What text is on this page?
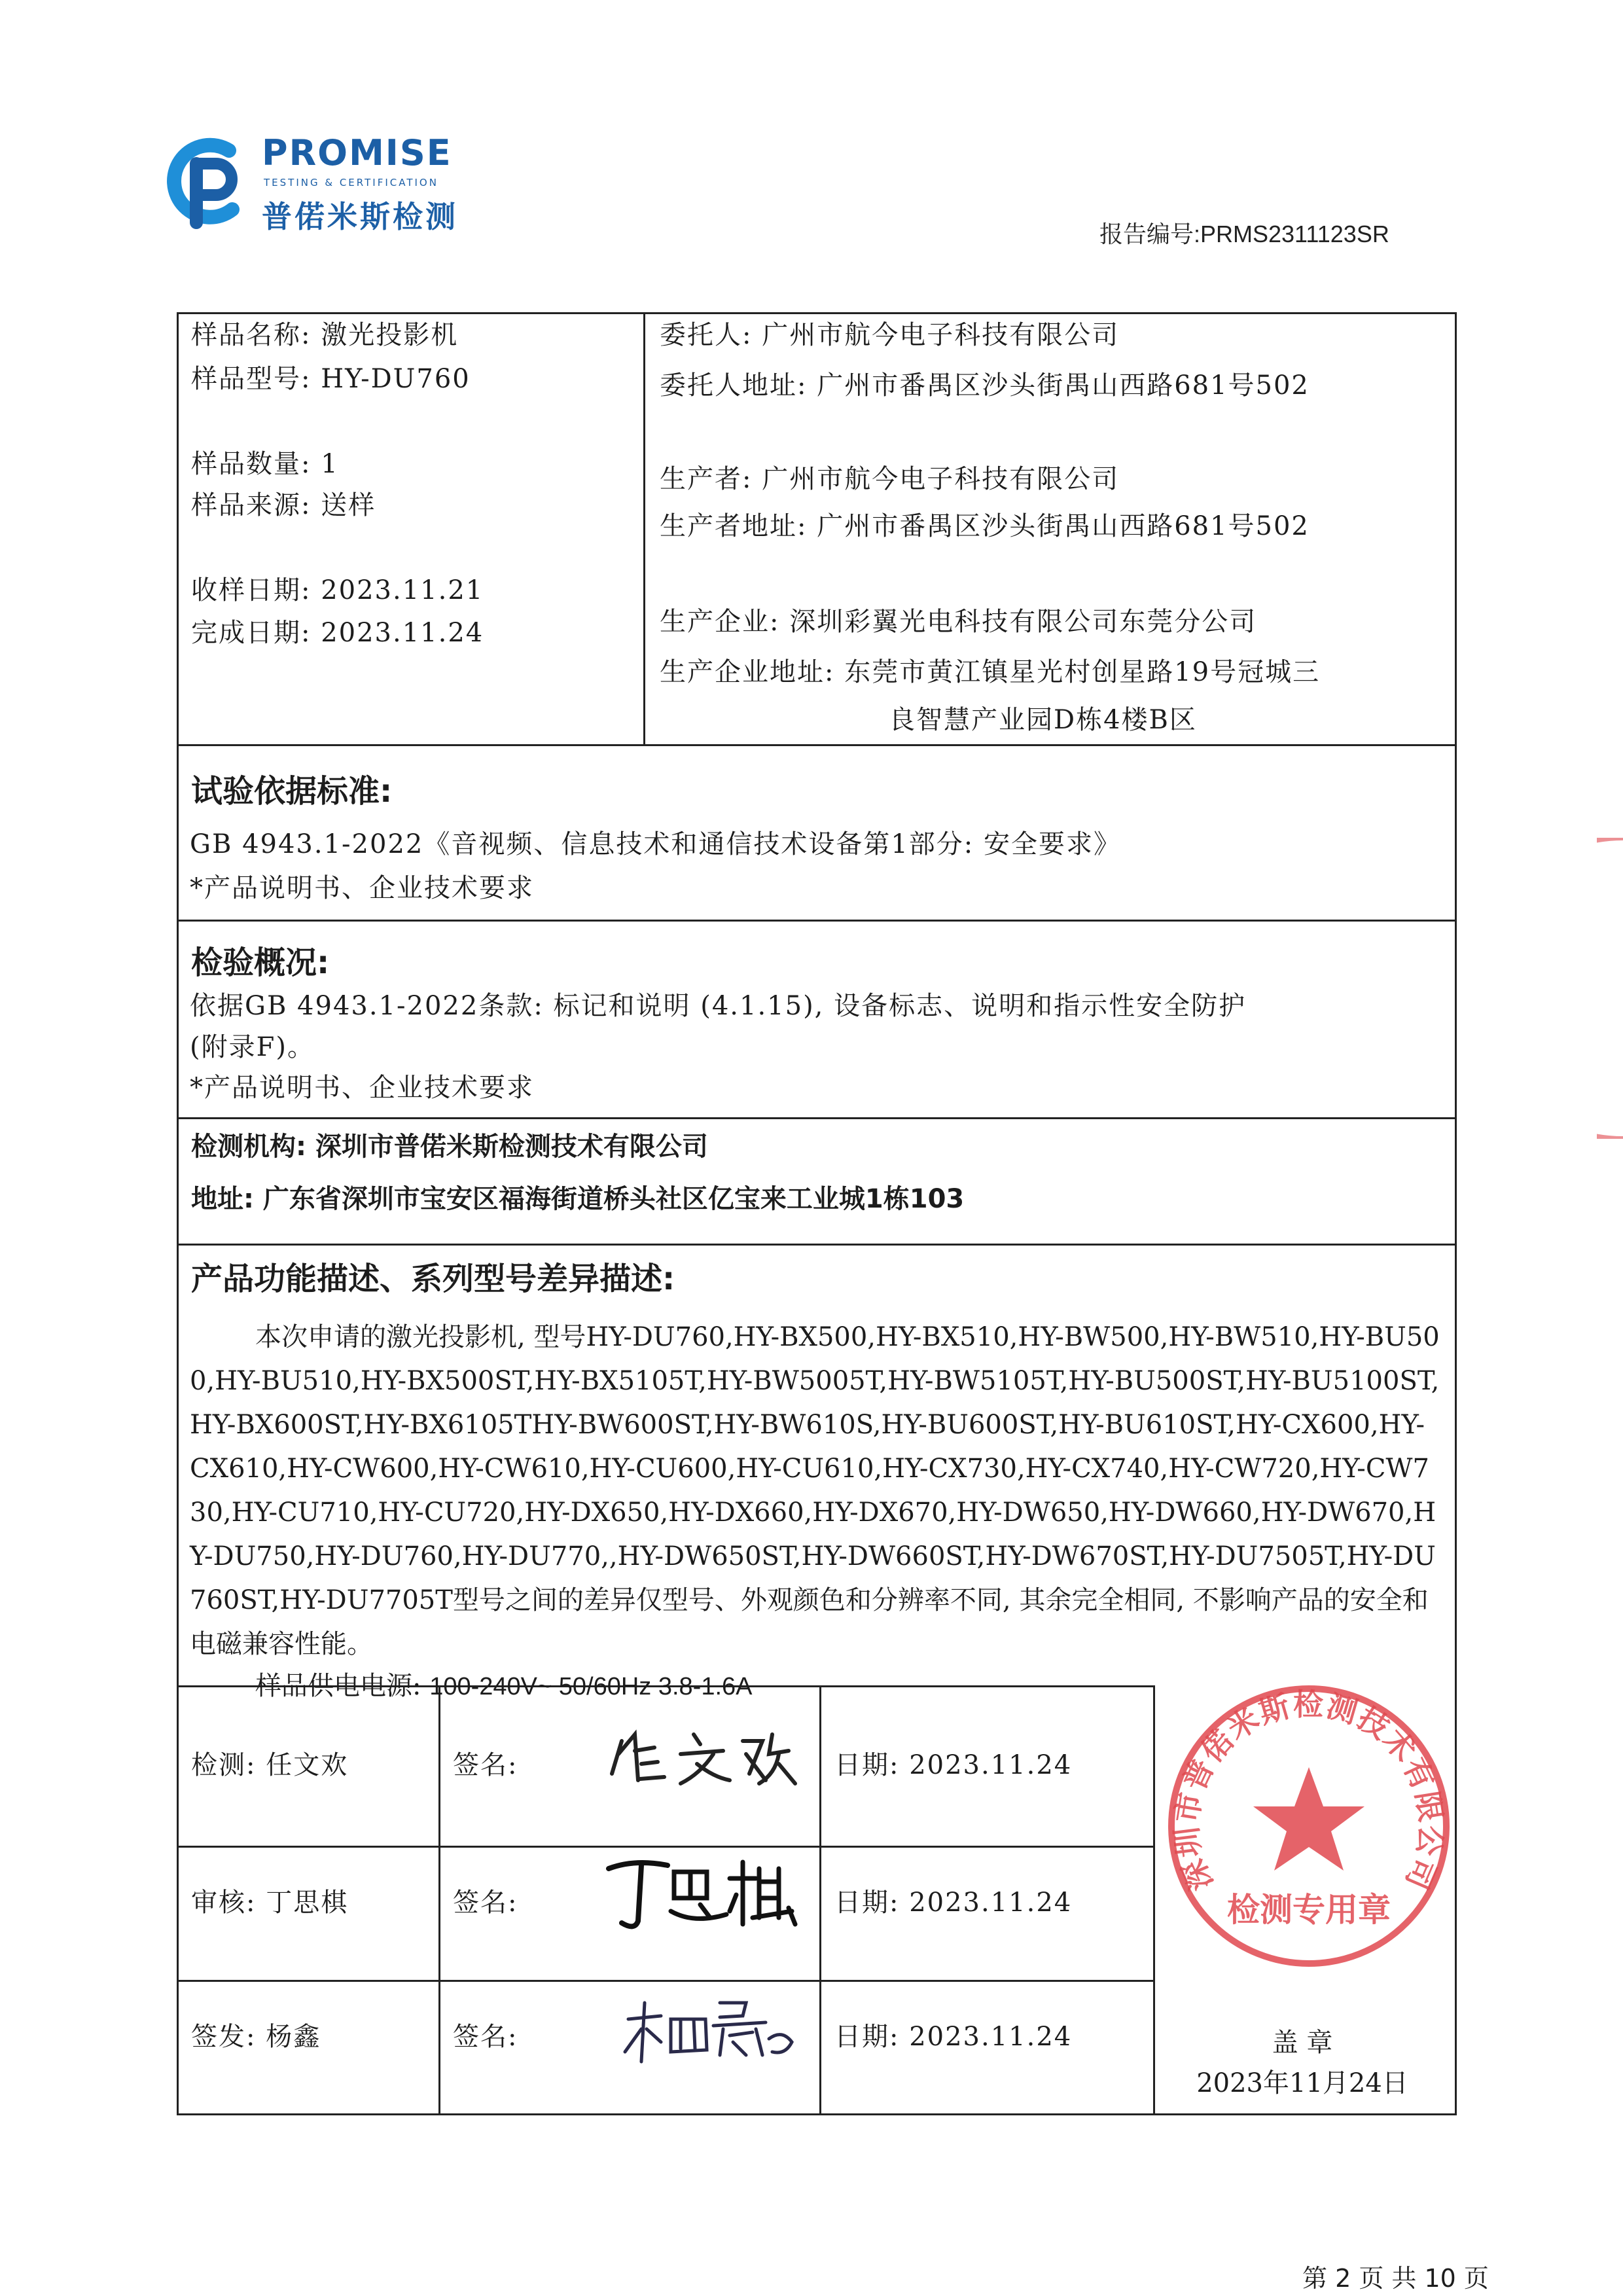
PROMISE
TESTING & CERTIFICATION
普偌米斯检测	报告编号:PRMS2311123SR
样品名称: 激光投影机
样品型号: HY-DU760
样品数量: 1
样品来源: 送样
收样日期: 2023.11.21
完成日期: 2023.11.24
委托人: 广州市航今电子科技有限公司
委托人地址: 广州市番禺区沙头街禺山西路681号502
生产者: 广州市航今电子科技有限公司
生产者地址: 广州市番禺区沙头街禺山西路681号502
生产企业: 深圳彩翼光电科技有限公司东莞分公司
生产企业地址: 东莞市黄江镇星光村创星路19号冠城三
良智慧产业园D栋4楼B区
试验依据标准:
GB 4943.1-2022《音视频、信息技术和通信技术设备第1部分: 安全要求》
*产品说明书、企业技术要求
检验概况:
依据GB 4943.1-2022条款: 标记和说明 (4.1.15), 设备标志、说明和指示性安全防护
(附录F)。
*产品说明书、企业技术要求
检测机构: 深圳市普偌米斯检测技术有限公司
地址: 广东省深圳市宝安区福海街道桥头社区亿宝来工业城1栋103
产品功能描述、系列型号差异描述:

本次申请的激光投影机, 型号HY-DU760,HY-BX500,HY-BX510,HY-BW500,HY-BW510,HY-BU500,HY-BU510,HY-BX500ST,HY-BX5105T,HY-BW5005T,HY-BW5105T,HY-BU500ST,HY-BU5100ST,HY-BX600ST,HY-BX6105THY-BW600ST,HY-BW610S,HY-BU600ST,HY-BU610ST,HY-CX600,HY-CX610,HY-CW600,HY-CW610,HY-CU600,HY-CU610,HY-CX730,HY-CX740,HY-CW720,HY-CW730,HY-CU710,HY-CU720,HY-DX650,HY-DX660,HY-DX670,HY-DW650,HY-DW660,HY-DW670,HY-DU750,HY-DU760,HY-DU770,,HY-DW650ST,HY-DW660ST,HY-DW670ST,HY-DU7505T,HY-DU760ST,HY-DU7705T型号之间的差异仅型号、外观颜色和分辨率不同, 其余完全相同, 不影响产品的安全和电磁兼容性能。

样品供电电源: 100-240V~ 50/60Hz 3.8-1.6A
检测: 任文欢	签名:	日期: 2023.11.24
审核: 丁思棋	签名:	日期: 2023.11.24
签发: 杨鑫	签名:	日期: 2023.11.24
深圳市普偌米斯检测技术有限公司
检测专用章
盖 章
2023年11月24日
第 2 页 共 10 页
